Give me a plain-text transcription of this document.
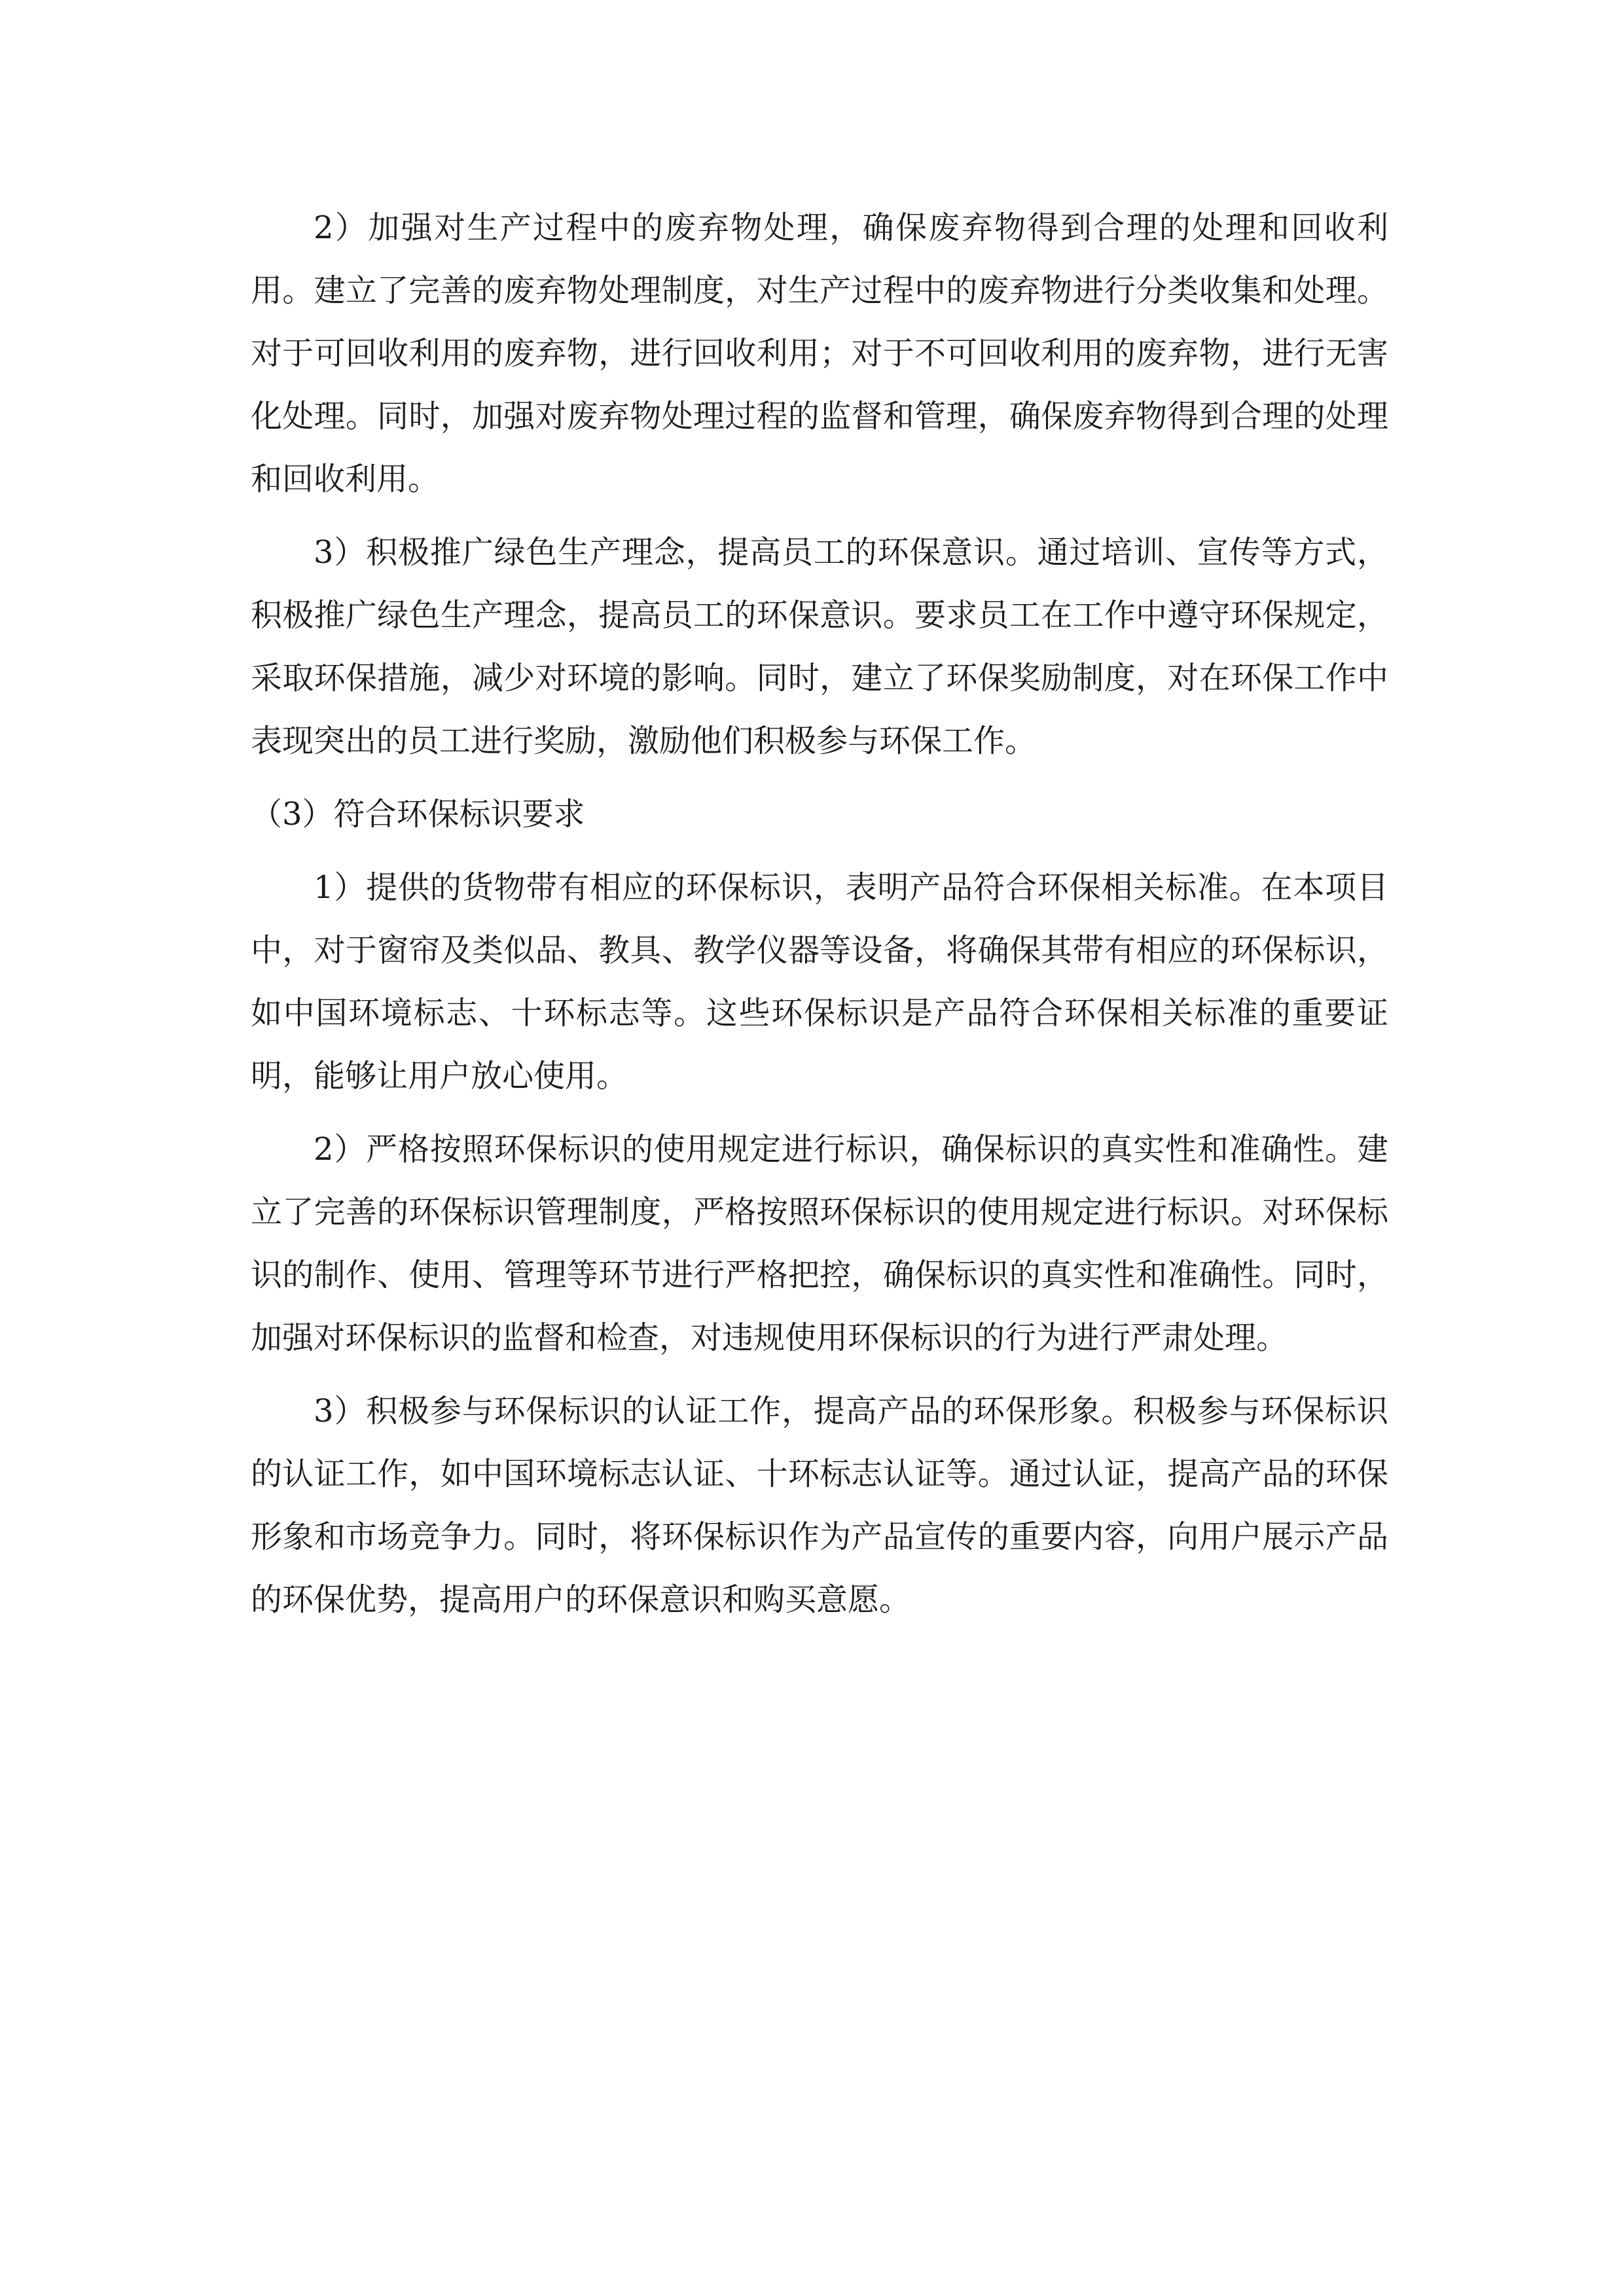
2）加强对生产过程中的废弃物处理，确保废弃物得到合理的处理和回收利用。建立了完善的废弃物处理制度，对生产过程中的废弃物进行分类收集和处理。对于可回收利用的废弃物，进行回收利用；对于不可回收利用的废弃物，进行无害化处理。同时，加强对废弃物处理过程的监督和管理，确保废弃物得到合理的处理和回收利用。

3）积极推广绿色生产理念，提高员工的环保意识。通过培训、宣传等方式，积极推广绿色生产理念，提高员工的环保意识。要求员工在工作中遵守环保规定，采取环保措施，减少对环境的影响。同时，建立了环保奖励制度，对在环保工作中表现突出的员工进行奖励，激励他们积极参与环保工作。

（3）符合环保标识要求

1）提供的货物带有相应的环保标识，表明产品符合环保相关标准。在本项目中，对于窗帘及类似品、教具、教学仪器等设备，将确保其带有相应的环保标识，如中国环境标志、十环标志等。这些环保标识是产品符合环保相关标准的重要证明，能够让用户放心使用。

2）严格按照环保标识的使用规定进行标识，确保标识的真实性和准确性。建立了完善的环保标识管理制度，严格按照环保标识的使用规定进行标识。对环保标识的制作、使用、管理等环节进行严格把控，确保标识的真实性和准确性。同时，加强对环保标识的监督和检查，对违规使用环保标识的行为进行严肃处理。

3）积极参与环保标识的认证工作，提高产品的环保形象。积极参与环保标识的认证工作，如中国环境标志认证、十环标志认证等。通过认证，提高产品的环保形象和市场竞争力。同时，将环保标识作为产品宣传的重要内容，向用户展示产品的环保优势，提高用户的环保意识和购买意愿。
